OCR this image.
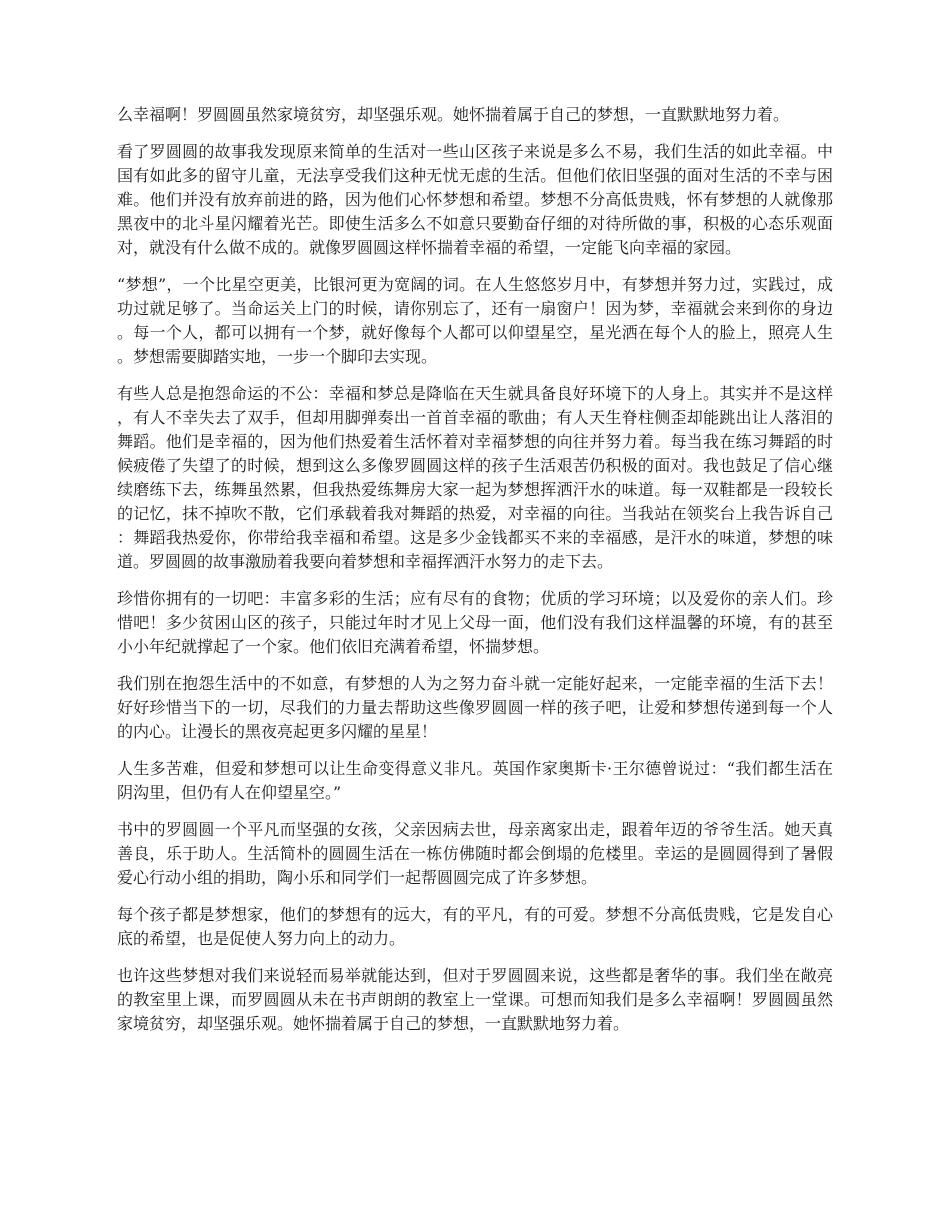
么幸福啊！罗圆圆虽然家境贫穷，却坚强乐观。她怀揣着属于自己的梦想，一直默默地努力着。

看了罗圆圆的故事我发现原来简单的生活对一些山区孩子来说是多么不易，我们生活的如此幸福。中国有如此多的留守儿童，无法享受我们这种无忧无虑的生活。但他们依旧坚强的面对生活的不幸与困难。他们并没有放弃前进的路，因为他们心怀梦想和希望。梦想不分高低贵贱，怀有梦想的人就像那黑夜中的北斗星闪耀着光芒。即使生活多么不如意只要勤奋仔细的对待所做的事，积极的心态乐观面对，就没有什么做不成的。就像罗圆圆这样怀揣着幸福的希望，一定能飞向幸福的家园。

“梦想”，一个比星空更美，比银河更为宽阔的词。在人生悠悠岁月中，有梦想并努力过，实践过，成功过就足够了。当命运关上门的时候，请你别忘了，还有一扇窗户！因为梦，幸福就会来到你的身边。每一个人，都可以拥有一个梦，就好像每个人都可以仰望星空，星光洒在每个人的脸上，照亮人生。梦想需要脚踏实地，一步一个脚印去实现。

有些人总是抱怨命运的不公：幸福和梦总是降临在天生就具备良好环境下的人身上。其实并不是这样，有人不幸失去了双手，但却用脚弹奏出一首首幸福的歌曲；有人天生脊柱侧歪却能跳出让人落泪的舞蹈。他们是幸福的，因为他们热爱着生活怀着对幸福梦想的向往并努力着。每当我在练习舞蹈的时候疲倦了失望了的时候，想到这么多像罗圆圆这样的孩子生活艰苦仍积极的面对。我也鼓足了信心继续磨练下去，练舞虽然累，但我热爱练舞房大家一起为梦想挥洒汗水的味道。每一双鞋都是一段较长的记忆，抹不掉吹不散，它们承载着我对舞蹈的热爱，对幸福的向往。当我站在领奖台上我告诉自己：舞蹈我热爱你，你带给我幸福和希望。这是多少金钱都买不来的幸福感，是汗水的味道，梦想的味道。罗圆圆的故事激励着我要向着梦想和幸福挥洒汗水努力的走下去。

珍惜你拥有的一切吧：丰富多彩的生活；应有尽有的食物；优质的学习环境；以及爱你的亲人们。珍惜吧！多少贫困山区的孩子，只能过年时才见上父母一面，他们没有我们这样温馨的环境，有的甚至小小年纪就撑起了一个家。他们依旧充满着希望，怀揣梦想。

我们别在抱怨生活中的不如意，有梦想的人为之努力奋斗就一定能好起来，一定能幸福的生活下去！好好珍惜当下的一切，尽我们的力量去帮助这些像罗圆圆一样的孩子吧，让爱和梦想传递到每一个人的内心。让漫长的黑夜亮起更多闪耀的星星！

人生多苦难，但爱和梦想可以让生命变得意义非凡。英国作家奥斯卡·王尔德曾说过：“我们都生活在阴沟里，但仍有人在仰望星空。”

书中的罗圆圆一个平凡而坚强的女孩，父亲因病去世，母亲离家出走，跟着年迈的爷爷生活。她天真善良，乐于助人。生活简朴的圆圆生活在一栋仿佛随时都会倒塌的危楼里。幸运的是圆圆得到了暑假爱心行动小组的捐助，陶小乐和同学们一起帮圆圆完成了许多梦想。

每个孩子都是梦想家，他们的梦想有的远大，有的平凡，有的可爱。梦想不分高低贵贱，它是发自心底的希望，也是促使人努力向上的动力。

也许这些梦想对我们来说轻而易举就能达到，但对于罗圆圆来说，这些都是奢华的事。我们坐在敞亮的教室里上课，而罗圆圆从未在书声朗朗的教室上一堂课。可想而知我们是多么幸福啊！罗圆圆虽然家境贫穷，却坚强乐观。她怀揣着属于自己的梦想，一直默默地努力着。
